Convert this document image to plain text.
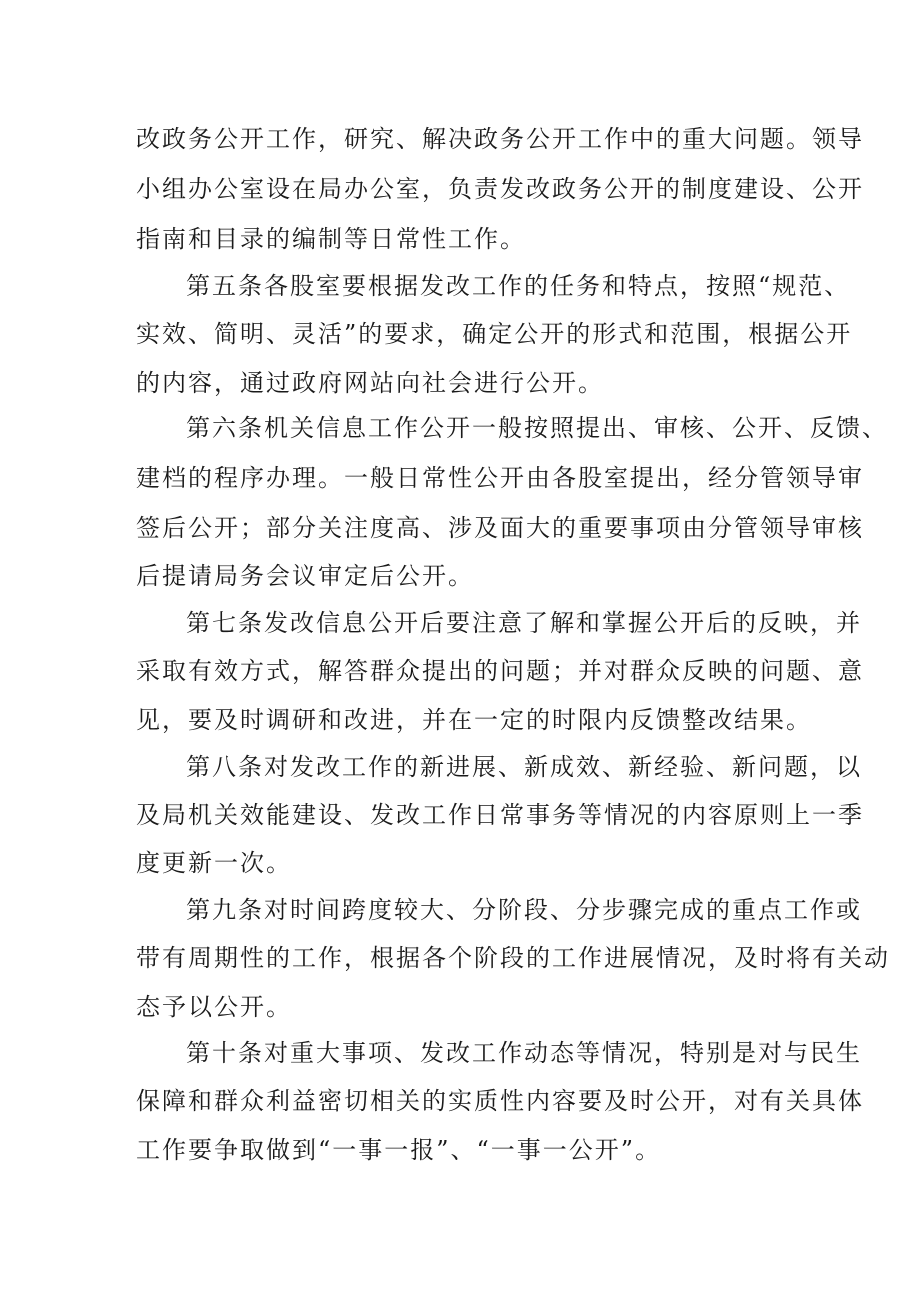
改政务公开工作，研究、解决政务公开工作中的重大问题。领导

小组办公室设在局办公室，负责发改政务公开的制度建设、公开

指南和目录的编制等日常性工作。

第五条各股室要根据发改工作的任务和特点，按照“规范、

实效、简明、灵活”的要求，确定公开的形式和范围，根据公开

的内容，通过政府网站向社会进行公开。

第六条机关信息工作公开一般按照提出、审核、公开、反馈、

建档的程序办理。一般日常性公开由各股室提出，经分管领导审

签后公开；部分关注度高、涉及面大的重要事项由分管领导审核

后提请局务会议审定后公开。

第七条发改信息公开后要注意了解和掌握公开后的反映，并

采取有效方式，解答群众提出的问题；并对群众反映的问题、意

见，要及时调研和改进，并在一定的时限内反馈整改结果。

第八条对发改工作的新进展、新成效、新经验、新问题，以

及局机关效能建设、发改工作日常事务等情况的内容原则上一季

度更新一次。

第九条对时间跨度较大、分阶段、分步骤完成的重点工作或

带有周期性的工作，根据各个阶段的工作进展情况，及时将有关动

态予以公开。

第十条对重大事项、发改工作动态等情况，特别是对与民生

保障和群众利益密切相关的实质性内容要及时公开，对有关具体

工作要争取做到“一事一报”、“一事一公开”。
